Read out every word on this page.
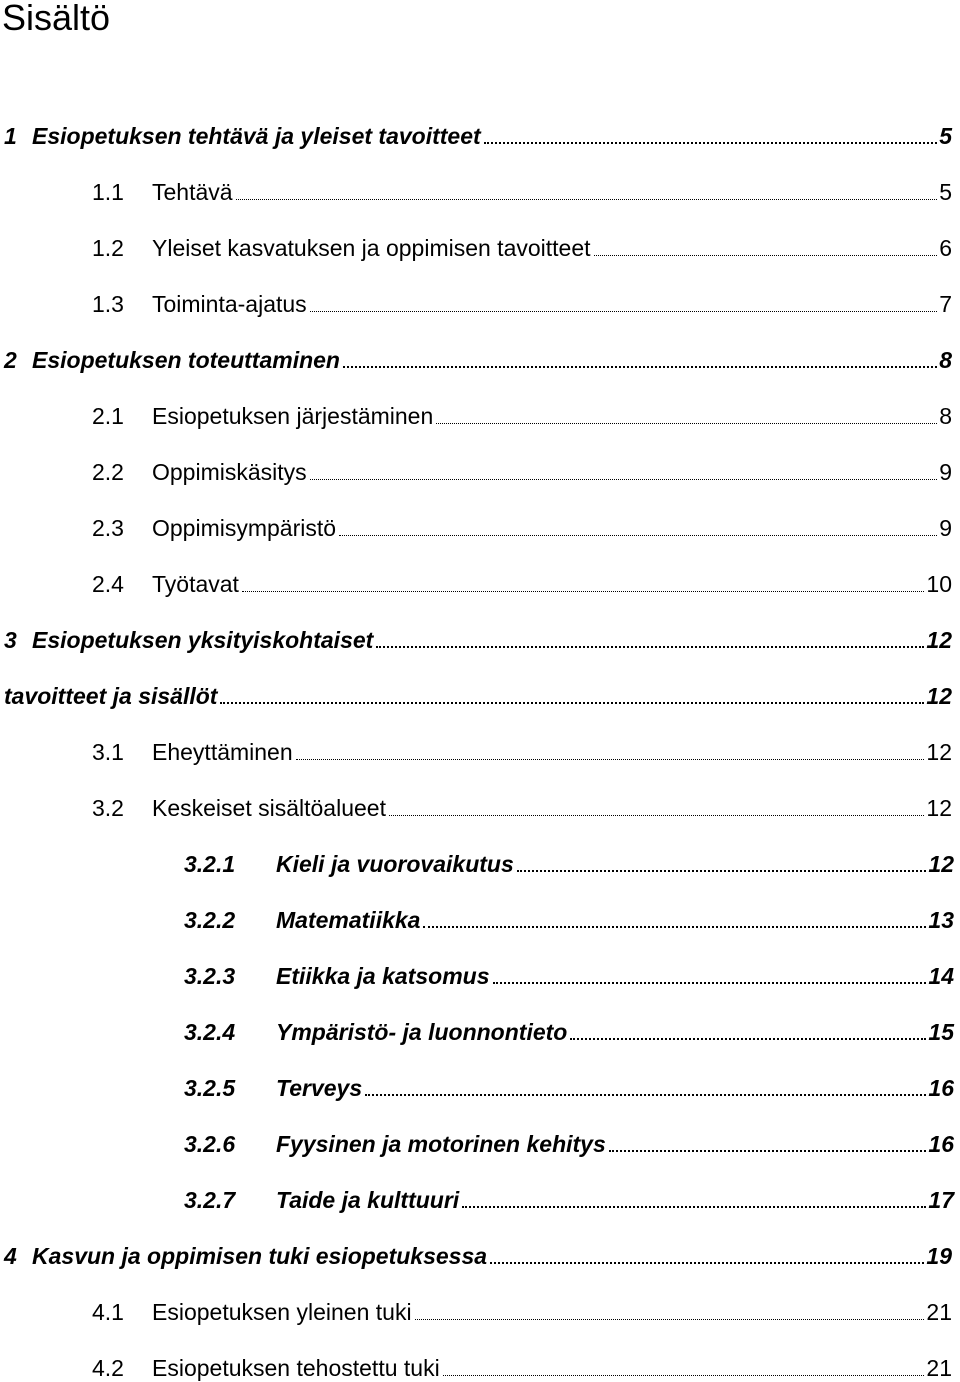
Sisältö
1 Esiopetuksen tehtävä ja yleiset tavoitteet	5
1.1	Tehtävä	5
1.2	Yleiset kasvatuksen ja oppimisen tavoitteet	6
1.3	Toiminta-ajatus	7
2 Esiopetuksen toteuttaminen	8
2.1	Esiopetuksen järjestäminen	8
2.2	Oppimiskäsitys	9
2.3	Oppimisympäristö	9
2.4	Työtavat	10
3 Esiopetuksen yksityiskohtaiset	12
tavoitteet ja sisällöt	12
3.1	Eheyttäminen	12
3.2	Keskeiset sisältöalueet	12
3.2.1	Kieli ja vuorovaikutus	12
3.2.2	Matematiikka	13
3.2.3	Etiikka ja katsomus	14
3.2.4	Ympäristö- ja luonnontieto	15
3.2.5	Terveys	16
3.2.6	Fyysinen ja motorinen kehitys	16
3.2.7	Taide ja kulttuuri	17
4 Kasvun ja oppimisen tuki esiopetuksessa	19
4.1	Esiopetuksen yleinen tuki	21
4.2	Esiopetuksen tehostettu tuki	21
